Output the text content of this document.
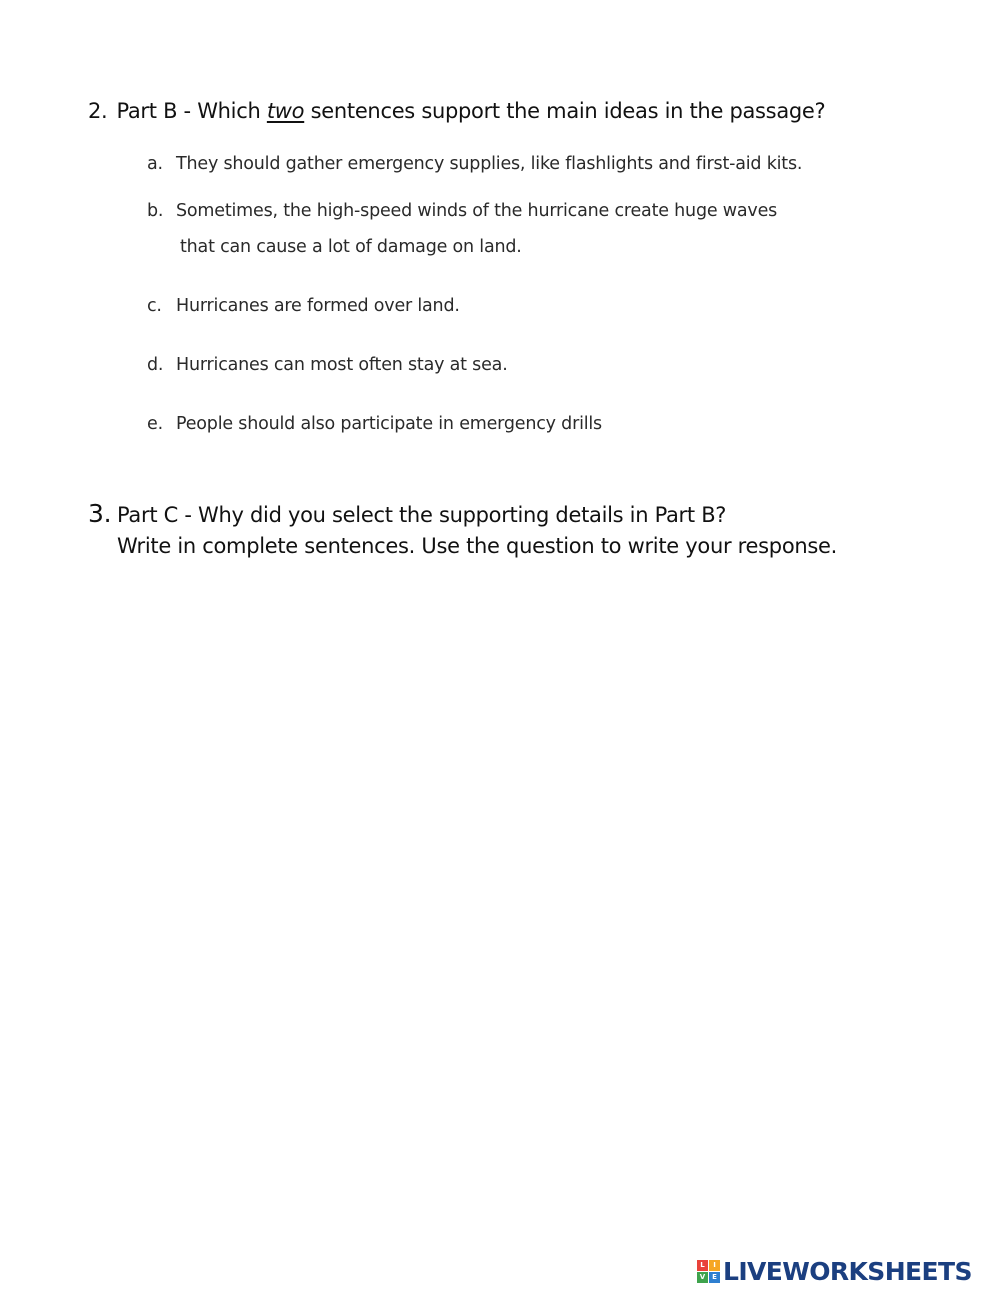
2. Part B - Which two sentences support the main ideas in the passage?
a. They should gather emergency supplies, like flashlights and first-aid kits.
b. Sometimes, the high-speed winds of the hurricane create huge waves
that can cause a lot of damage on land.
c. Hurricanes are formed over land.
d. Hurricanes can most often stay at sea.
e. People should also participate in emergency drills
3. Part C - Why did you select the supporting details in Part B?
Write in complete sentences. Use the question to write your response.
L	I
V E LIVEWORKSHEETS
